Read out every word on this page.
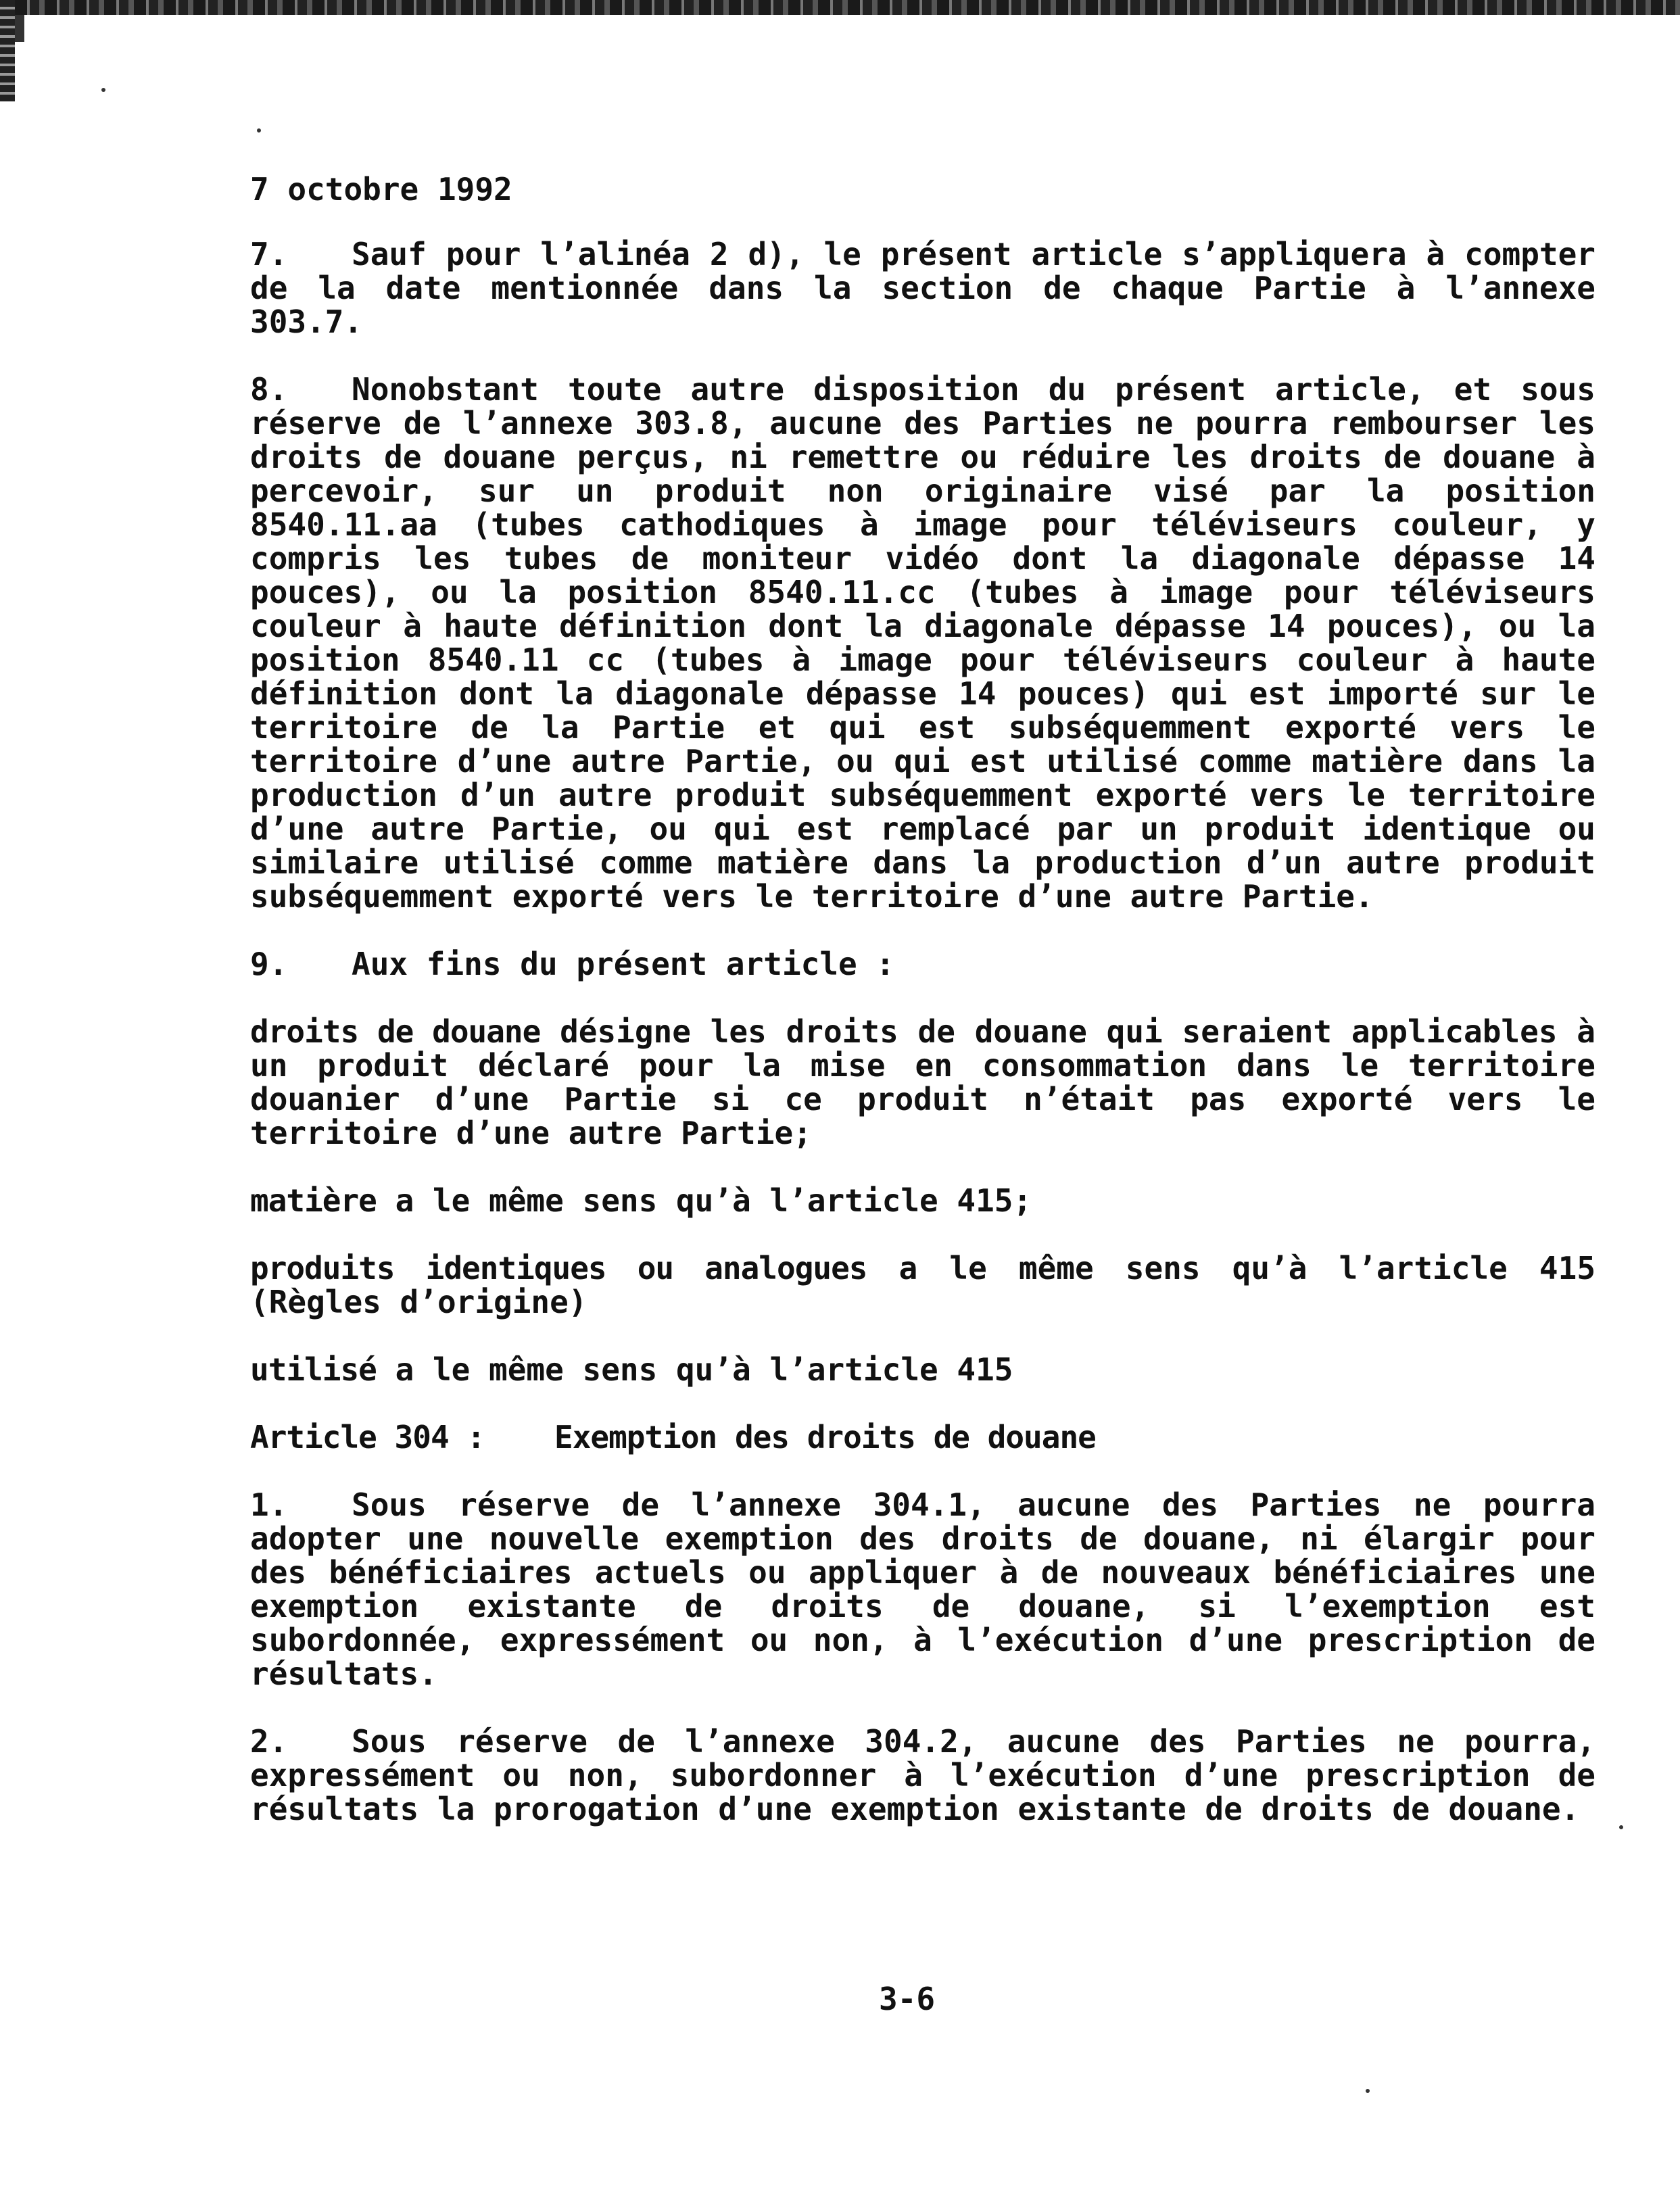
7 octobre 1992
7. Sauf pour l’alinéa 2 d), le présent article s’appliquera à compter de la date mentionnée dans la section de chaque Partie à l’annexe 303.7.
8. Nonobstant toute autre disposition du présent article, et sous réserve de l’annexe 303.8, aucune des Parties ne pourra rembourser les droits de douane perçus, ni remettre ou réduire les droits de douane à percevoir, sur un produit non originaire visé par la position 8540.11.aa (tubes cathodiques à image pour téléviseurs couleur, y compris les tubes de moniteur vidéo dont la diagonale dépasse 14 pouces), ou la position 8540.11.cc (tubes à image pour téléviseurs couleur à haute définition dont la diagonale dépasse 14 pouces), ou la position 8540.11 cc (tubes à image pour téléviseurs couleur à haute définition dont la diagonale dépasse 14 pouces) qui est importé sur le territoire de la Partie et qui est subséquemment exporté vers le territoire d’une autre Partie, ou qui est utilisé comme matière dans la production d’un autre produit subséquemment exporté vers le territoire d’une autre Partie, ou qui est remplacé par un produit identique ou similaire utilisé comme matière dans la production d’un autre produit subséquemment exporté vers le territoire d’une autre Partie.
9. Aux fins du présent article :
droits de douane désigne les droits de douane qui seraient applicables à un produit déclaré pour la mise en consommation dans le territoire douanier d’une Partie si ce produit n’était pas exporté vers le territoire d’une autre Partie;
matière a le même sens qu’à l’article 415;
produits identiques ou analogues a le même sens qu’à l’article 415 (Règles d’origine)
utilisé a le même sens qu’à l’article 415
Article 304 : Exemption des droits de douane
1. Sous réserve de l’annexe 304.1, aucune des Parties ne pourra adopter une nouvelle exemption des droits de douane, ni élargir pour des bénéficiaires actuels ou appliquer à de nouveaux bénéficiaires une exemption existante de droits de douane, si l’exemption est subordonnée, expressément ou non, à l’exécution d’une prescription de résultats.
2. Sous réserve de l’annexe 304.2, aucune des Parties ne pourra, expressément ou non, subordonner à l’exécution d’une prescription de résultats la prorogation d’une exemption existante de droits de douane.
3-6
